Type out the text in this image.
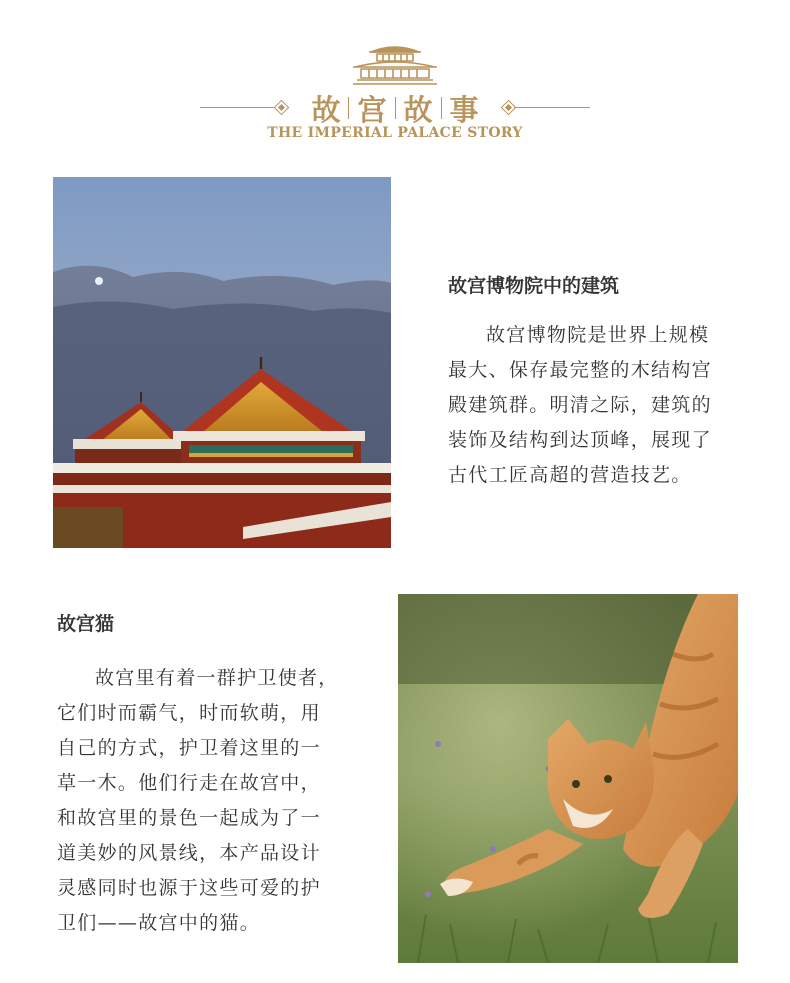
故 宫 故 事
THE IMPERIAL PALACE STORY
故宫博物院中的建筑
故宫博物院是世界上规模
最大、保存最完整的木结构宫
殿建筑群。明清之际，建筑的
装饰及结构到达顶峰，展现了
古代工匠高超的营造技艺。
故宫猫
故宫里有着一群护卫使者，
它们时而霸气，时而软萌，用
自己的方式，护卫着这里的一
草一木。他们行走在故宫中，
和故宫里的景色一起成为了一
道美妙的风景线，本产品设计
灵感同时也源于这些可爱的护
卫们——故宫中的猫。
